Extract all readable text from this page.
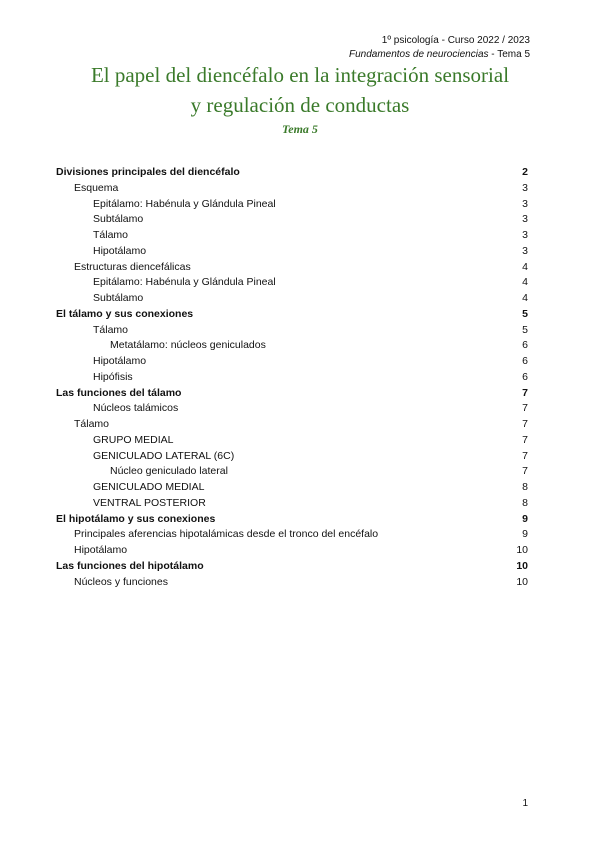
1º psicología - Curso 2022 / 2023
Fundamentos de neurociencias - Tema 5
El papel del diencéfalo en la integración sensorial
y regulación de conductas
Tema 5
Divisiones principales del diencéfalo	2
Esquema	3
Epitálamo: Habénula y Glándula Pineal	3
Subtálamo	3
Tálamo	3
Hipotálamo	3
Estructuras diencefálicas	4
Epitálamo: Habénula y Glándula Pineal	4
Subtálamo	4
El tálamo y sus conexiones	5
Tálamo	5
Metatálamo: núcleos geniculados	6
Hipotálamo	6
Hipófisis	6
Las funciones del tálamo	7
Núcleos talámicos	7
Tálamo	7
GRUPO MEDIAL	7
GENICULADO LATERAL (6C)	7
Núcleo geniculado lateral	7
GENICULADO MEDIAL	8
VENTRAL POSTERIOR	8
El hipotálamo y sus conexiones	9
Principales aferencias hipotalámicas desde el tronco del encéfalo	9
Hipotálamo	10
Las funciones del hipotálamo	10
Núcleos y funciones	10
1
